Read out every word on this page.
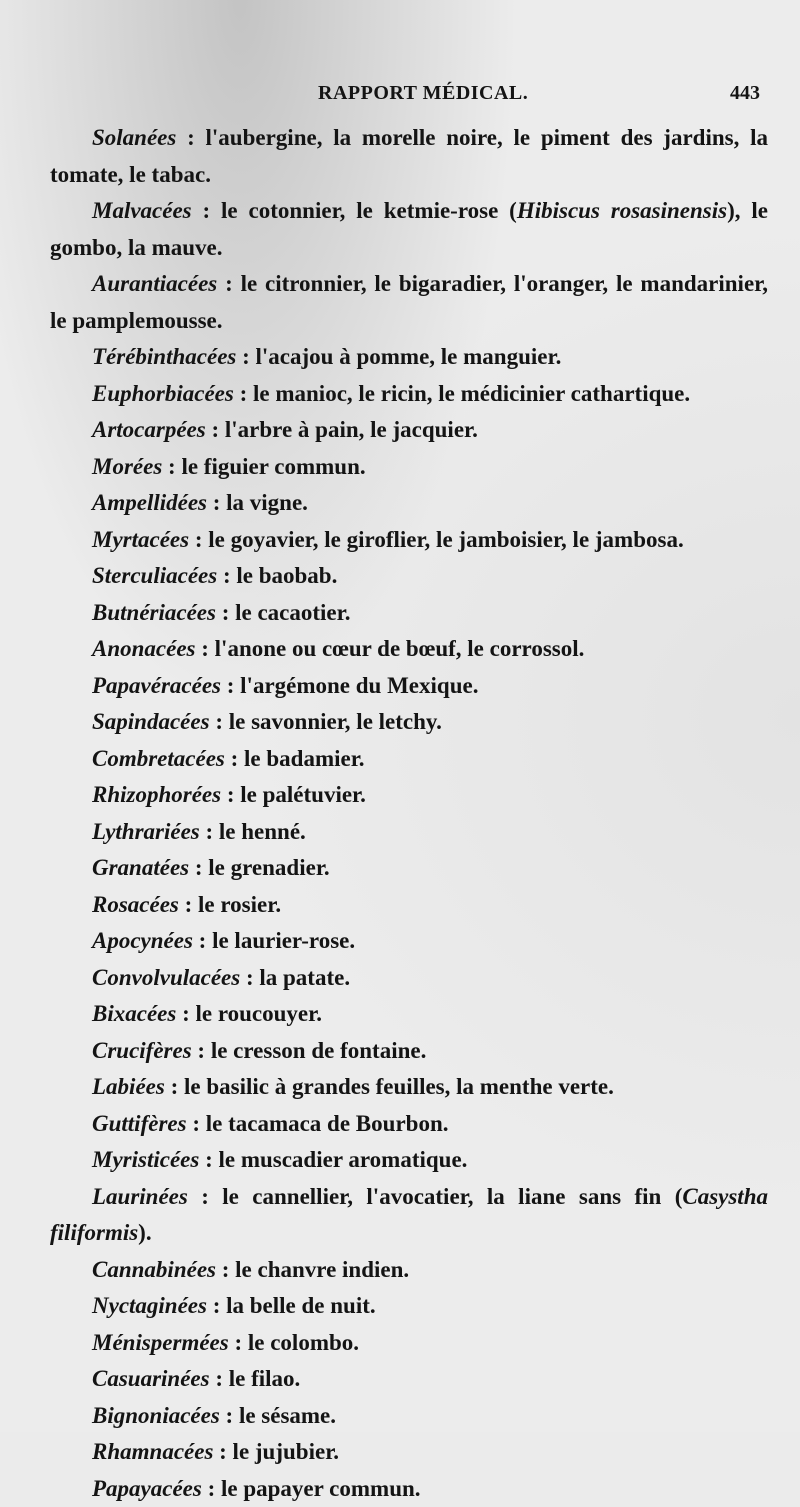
RAPPORT MÉDICAL.	443

Solanées : l'aubergine, la morelle noire, le piment des jardins, la tomate, le tabac.

Malvacées : le cotonnier, le ketmie-rose (Hibiscus rosasinensis), le gombo, la mauve.

Aurantiacées : le citronnier, le bigaradier, l'oranger, le mandarinier, le pamplemousse.

Térébinthacées : l'acajou à pomme, le manguier.

Euphorbiacées : le manioc, le ricin, le médicinier cathartique.

Artocarpées : l'arbre à pain, le jacquier.

Morées : le figuier commun.

Ampellidées : la vigne.

Myrtacées : le goyavier, le giroflier, le jamboisier, le jambosa.

Sterculiacées : le baobab.

Butnériacées : le cacaotier.

Anonacées : l'anone ou cœur de bœuf, le corrossol.

Papavéracées : l'argémone du Mexique.

Sapindacées : le savonnier, le letchy.

Combretacées : le badamier.

Rhizophorées : le palétuvier.

Lythrariées : le henné.

Granatées : le grenadier.

Rosacées : le rosier.

Apocynées : le laurier-rose.

Convolvulacées : la patate.

Bixacées : le roucouyer.

Crucifères : le cresson de fontaine.

Labiées : le basilic à grandes feuilles, la menthe verte.

Guttifères : le tacamaca de Bourbon.

Myristicées : le muscadier aromatique.

Laurinées : le cannellier, l'avocatier, la liane sans fin (Casystha filiformis).

Cannabinées : le chanvre indien.

Nyctaginées : la belle de nuit.

Ménispermées : le colombo.

Casuarinées : le filao.

Bignoniacées : le sésame.

Rhamnacées : le jujubier.

Papayacées : le papayer commun.
